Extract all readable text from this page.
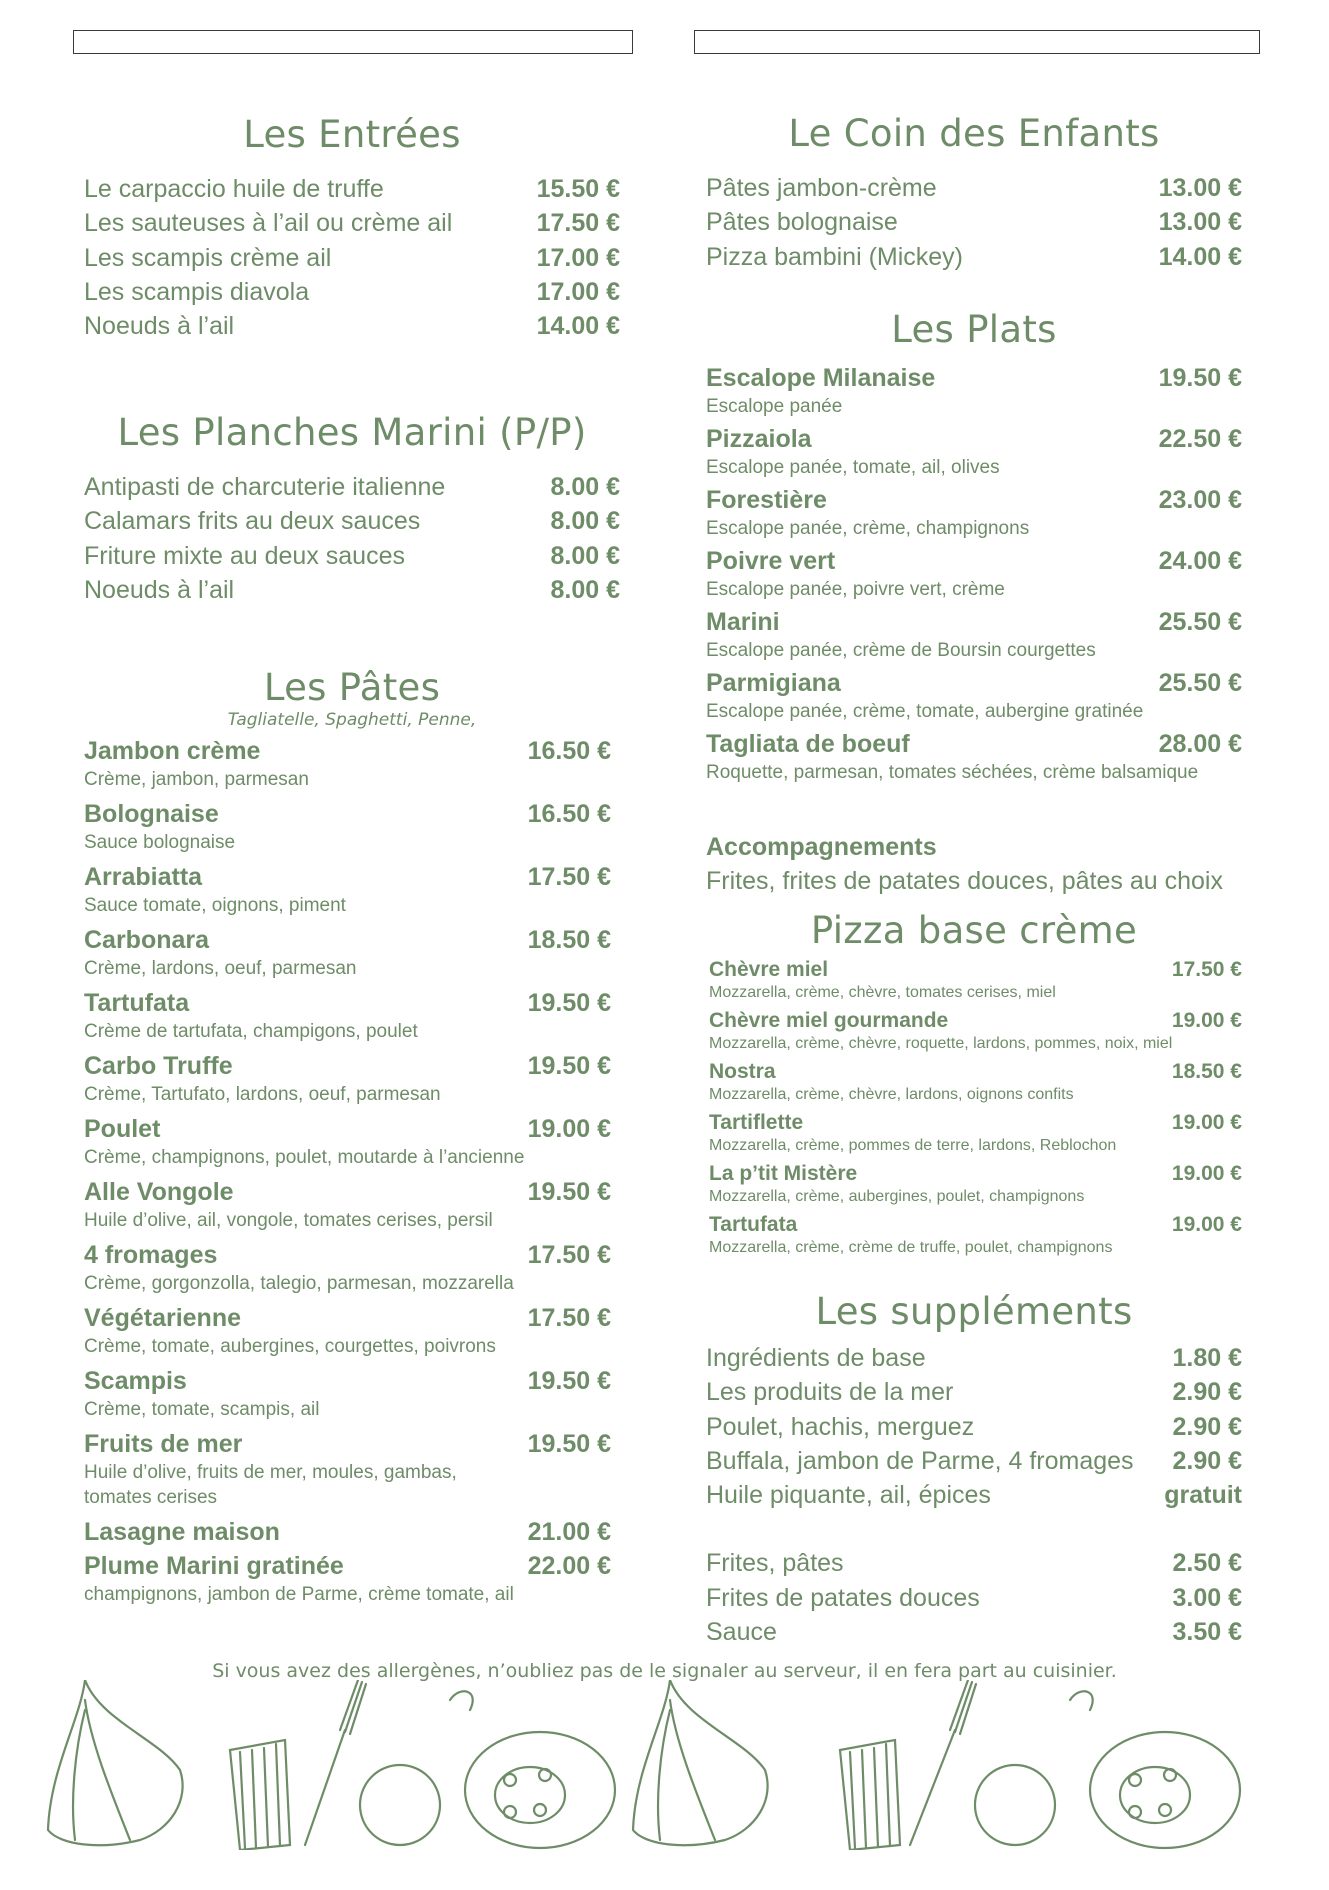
Les Entrées
Le carpaccio huile de truffe	15.50 €
Les sauteuses à l’ail ou crème ail	17.50 €
Les scampis crème ail	17.00 €
Les scampis diavola	17.00 €
Noeuds à l’ail	14.00 €
Les Planches Marini (P/P)
Antipasti de charcuterie italienne	8.00 €
Calamars frits au deux sauces	8.00 €
Friture mixte au deux sauces	8.00 €
Noeuds à l’ail	8.00 €
Les Pâtes
Tagliatelle, Spaghetti, Penne,
Jambon crème	16.50 €
Crème, jambon, parmesan
Bolognaise	16.50 €
Sauce bolognaise
Arrabiatta	17.50 €
Sauce tomate, oignons, piment
Carbonara	18.50 €
Crème, lardons, oeuf, parmesan
Tartufata	19.50 €
Crème de tartufata, champigons, poulet
Carbo Truffe	19.50 €
Crème, Tartufato, lardons, oeuf, parmesan
Poulet	19.00 €
Crème, champignons, poulet, moutarde à l’ancienne
Alle Vongole	19.50 €
Huile d’olive, ail, vongole, tomates cerises, persil
4 fromages	17.50 €
Crème, gorgonzolla, talegio, parmesan, mozzarella
Végétarienne	17.50 €
Crème, tomate, aubergines, courgettes, poivrons
Scampis	19.50 €
Crème, tomate, scampis, ail
Fruits de mer	19.50 €
Huile d’olive, fruits de mer, moules, gambas, tomates cerises
Lasagne maison	21.00 €
Plume Marini gratinée	22.00 €
champignons, jambon de Parme, crème tomate, ail
Le Coin des Enfants
Pâtes jambon-crème	13.00 €
Pâtes bolognaise	13.00 €
Pizza bambini (Mickey)	14.00 €
Les Plats
Escalope Milanaise	19.50 €
Escalope panée
Pizzaiola	22.50 €
Escalope panée, tomate, ail, olives
Forestière	23.00 €
Escalope panée, crème, champignons
Poivre vert	24.00 €
Escalope panée, poivre vert, crème
Marini	25.50 €
Escalope panée, crème de Boursin courgettes
Parmigiana	25.50 €
Escalope panée, crème, tomate, aubergine gratinée
Tagliata de boeuf	28.00 €
Roquette, parmesan, tomates séchées, crème balsamique
Accompagnements
Frites, frites de patates douces, pâtes au choix
Pizza base crème
Chèvre miel	17.50 €
Mozzarella, crème, chèvre, tomates cerises, miel
Chèvre miel gourmande	19.00 €
Mozzarella, crème, chèvre, roquette, lardons, pommes, noix, miel
Nostra	18.50 €
Mozzarella, crème, chèvre, lardons, oignons confits
Tartiflette	19.00 €
Mozzarella, crème, pommes de terre, lardons, Reblochon
La p’tit Mistère	19.00 €
Mozzarella, crème, aubergines, poulet, champignons
Tartufata	19.00 €
Mozzarella, crème, crème de truffe, poulet, champignons
Les suppléments
Ingrédients de base	1.80 €
Les produits de la mer	2.90 €
Poulet, hachis, merguez	2.90 €
Buffala, jambon de Parme, 4 fromages 2.90 €
Huile piquante, ail, épices	gratuit
Frites, pâtes	2.50 €
Frites de patates douces	3.00 €
Sauce	3.50 €
Si vous avez des allergènes, n’oubliez pas de le signaler au serveur, il en fera part au cuisinier.
